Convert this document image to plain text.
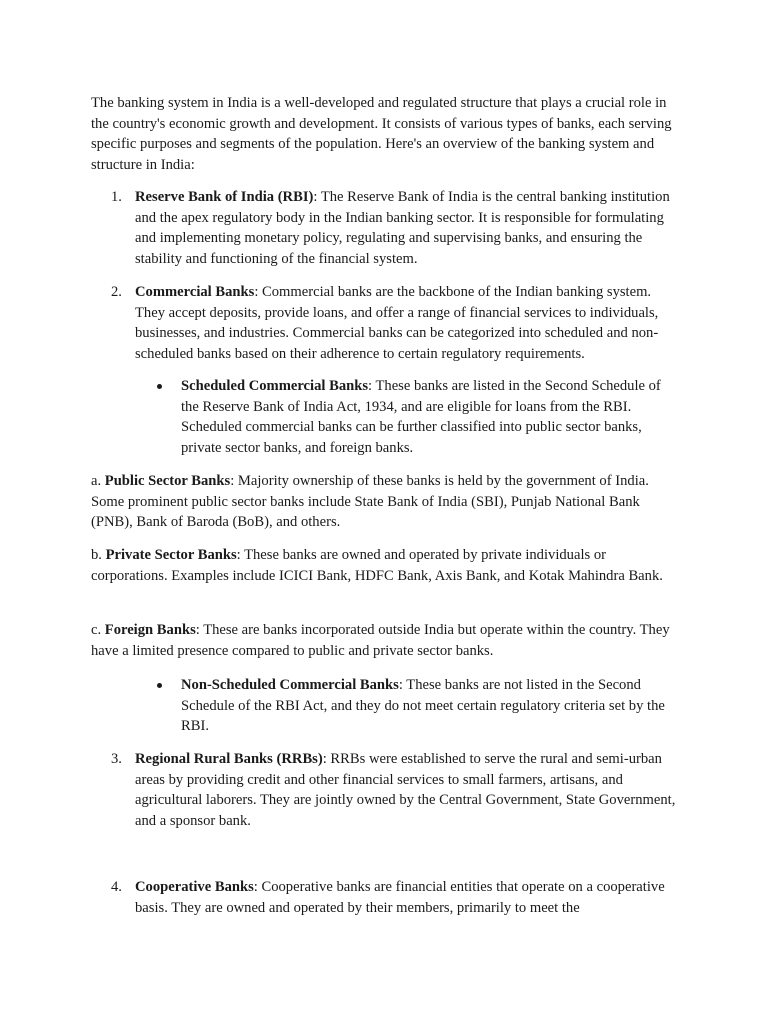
The banking system in India is a well-developed and regulated structure that plays a crucial role in the country's economic growth and development. It consists of various types of banks, each serving specific purposes and segments of the population. Here's an overview of the banking system and structure in India:

1. Reserve Bank of India (RBI): The Reserve Bank of India is the central banking institution and the apex regulatory body in the Indian banking sector. It is responsible for formulating and implementing monetary policy, regulating and supervising banks, and ensuring the stability and functioning of the financial system.

2. Commercial Banks: Commercial banks are the backbone of the Indian banking system. They accept deposits, provide loans, and offer a range of financial services to individuals, businesses, and industries. Commercial banks can be categorized into scheduled and non-scheduled banks based on their adherence to certain regulatory requirements.

Scheduled Commercial Banks: These banks are listed in the Second Schedule of the Reserve Bank of India Act, 1934, and are eligible for loans from the RBI. Scheduled commercial banks can be further classified into public sector banks, private sector banks, and foreign banks.

a. Public Sector Banks: Majority ownership of these banks is held by the government of India. Some prominent public sector banks include State Bank of India (SBI), Punjab National Bank (PNB), Bank of Baroda (BoB), and others.

b. Private Sector Banks: These banks are owned and operated by private individuals or corporations. Examples include ICICI Bank, HDFC Bank, Axis Bank, and Kotak Mahindra Bank.

c. Foreign Banks: These are banks incorporated outside India but operate within the country. They have a limited presence compared to public and private sector banks.

Non-Scheduled Commercial Banks: These banks are not listed in the Second Schedule of the RBI Act, and they do not meet certain regulatory criteria set by the RBI.

3. Regional Rural Banks (RRBs): RRBs were established to serve the rural and semi-urban areas by providing credit and other financial services to small farmers, artisans, and agricultural laborers. They are jointly owned by the Central Government, State Government, and a sponsor bank.

4. Cooperative Banks: Cooperative banks are financial entities that operate on a cooperative basis. They are owned and operated by their members, primarily to meet the
